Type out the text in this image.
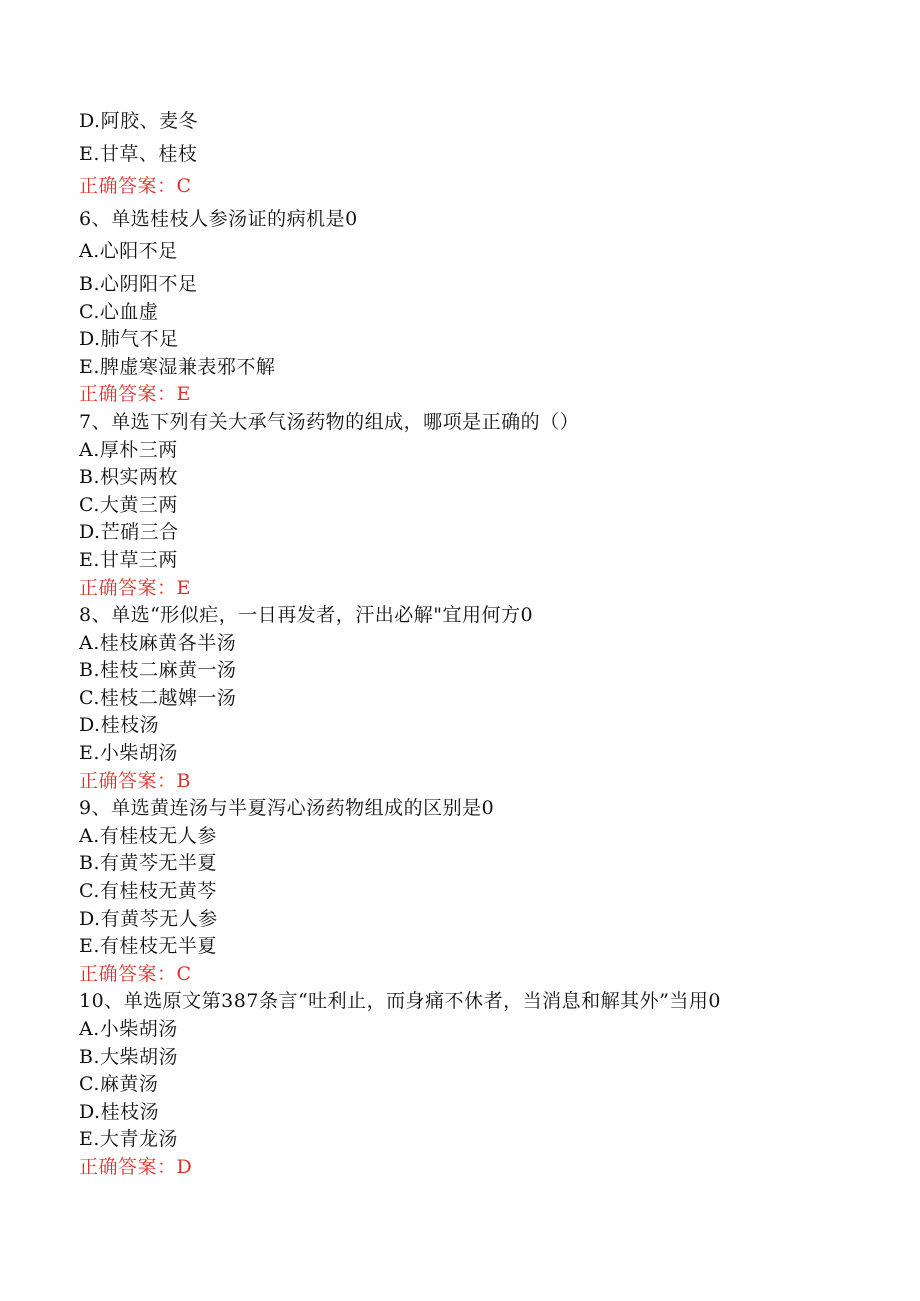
D.阿胶、麦冬
E.甘草、桂枝
正确答案：C
6、单选桂枝人参汤证的病机是0
A.心阳不足
B.心阴阳不足
C.心血虚
D.肺气不足
E.脾虚寒湿兼表邪不解
正确答案：E
7、单选下列有关大承气汤药物的组成，哪项是正确的（）
A.厚朴三两
B.枳实两枚
C.大黄三两
D.芒硝三合
E.甘草三两
正确答案：E
8、单选“形似疟，一日再发者，汗出必解"宜用何方0
A.桂枝麻黄各半汤
B.桂枝二麻黄一汤
C.桂枝二越婢一汤
D.桂枝汤
E.小柴胡汤
正确答案：B
9、单选黄连汤与半夏泻心汤药物组成的区别是0
A.有桂枝无人参
B.有黄芩无半夏
C.有桂枝无黄芩
D.有黄芩无人参
E.有桂枝无半夏
正确答案：C
10、单选原文第387条言“吐利止，而身痛不休者，当消息和解其外”当用0
A.小柴胡汤
B.大柴胡汤
C.麻黄汤
D.桂枝汤
E.大青龙汤
正确答案：D
